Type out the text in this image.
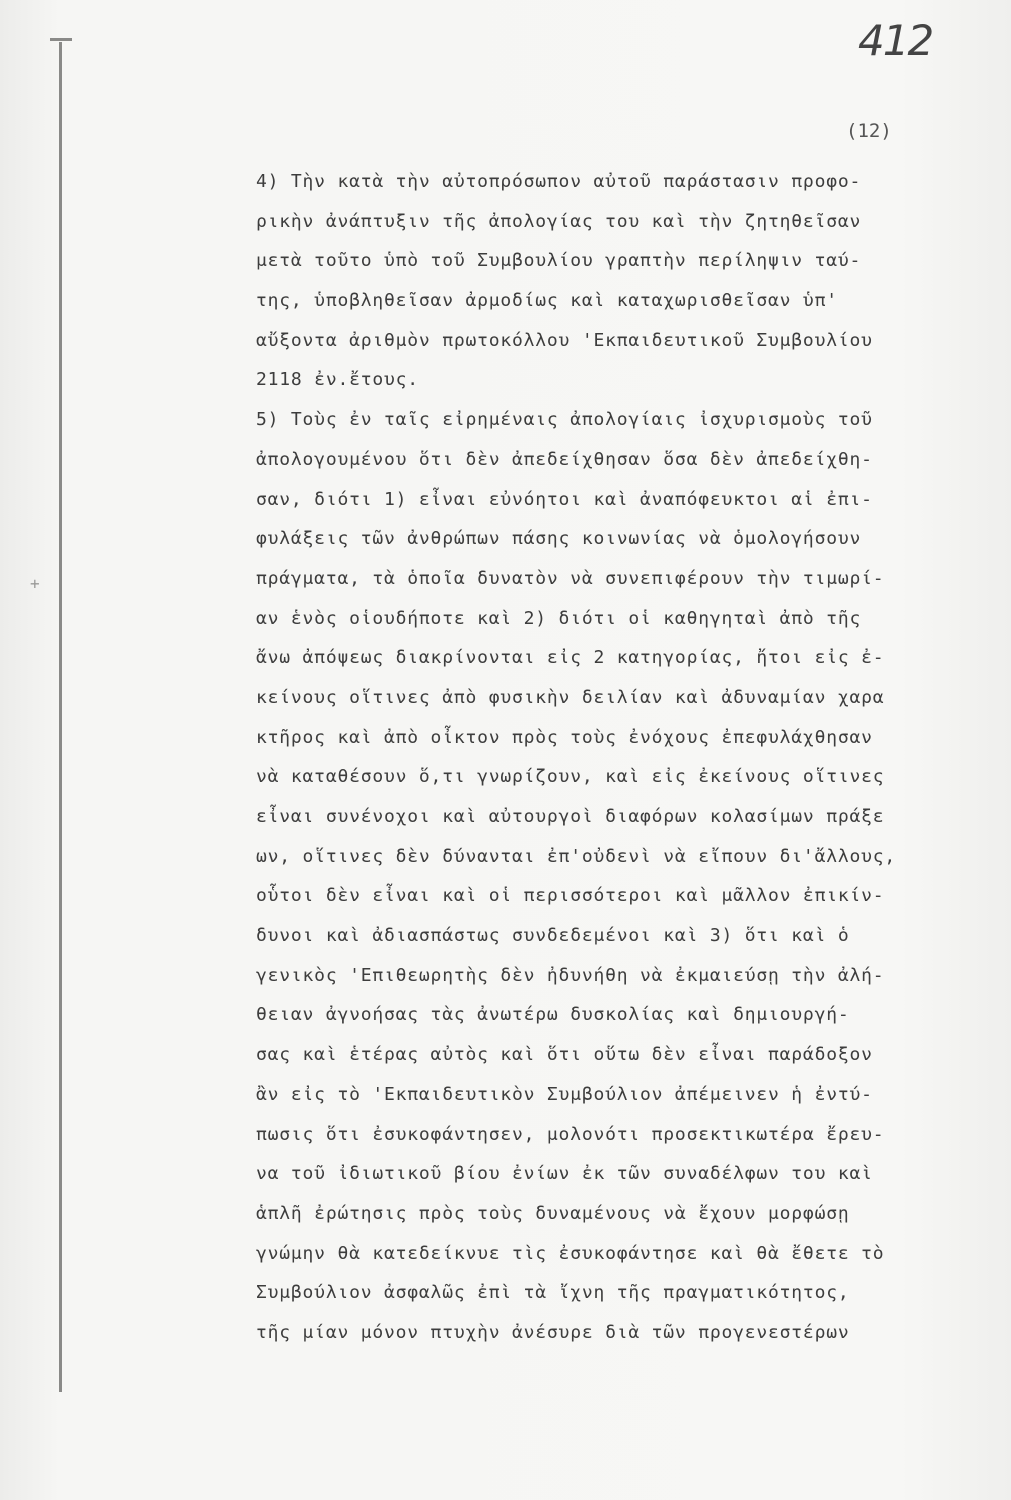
+
412
(12)
4) Τὴν κατὰ τὴν αὐτοπρόσωπον αὐτοῦ παράστασιν προφο-
ρικὴν ἀνάπτυξιν τῆς ἀπολογίας του καὶ τὴν ζητηθεῖσαν
μετὰ τοῦτο ὑπὸ τοῦ Συμβουλίου γραπτὴν περίληψιν ταύ-
της, ὑποβληθεῖσαν ἀρμοδίως καὶ καταχωρισθεῖσαν ὑπ'
αὔξοντα ἀριθμὸν πρωτοκόλλου 'Εκπαιδευτικοῦ Συμβουλίου
2118 ἐν.ἔτους.
5) Τοὺς ἐν ταῖς εἰρημέναις ἀπολογίαις ἰσχυρισμοὺς τοῦ
ἀπολογουμένου ὅτι δὲν ἀπεδείχθησαν ὅσα δὲν ἀπεδείχθη-
σαν, διότι 1) εἶναι εὐνόητοι καὶ ἀναπόφευκτοι αἱ ἐπι-
φυλάξεις τῶν ἀνθρώπων πάσης κοινωνίας νὰ ὁμολογήσουν
πράγματα, τὰ ὁποῖα δυνατὸν νὰ συνεπιφέρουν τὴν τιμωρί-
αν ἑνὸς οἱουδήποτε καὶ 2) διότι οἱ καθηγηταὶ ἀπὸ τῆς
ἄνω ἀπόψεως διακρίνονται εἰς 2 κατηγορίας, ἤτοι εἰς ἐ-
κείνους οἵτινες ἀπὸ φυσικὴν δειλίαν καὶ ἀδυναμίαν χαρα
κτῆρος καὶ ἀπὸ οἶκτον πρὸς τοὺς ἐνόχους ἐπεφυλάχθησαν
νὰ καταθέσουν ὅ,τι γνωρίζουν, καὶ εἰς ἐκείνους οἵτινες
εἶναι συνένοχοι καὶ αὐτουργοὶ διαφόρων κολασίμων πράξε
ων, οἵτινες δὲν δύνανται ἐπ'οὐδενὶ νὰ εἴπουν δι'ἄλλους,
οὗτοι δὲν εἶναι καὶ οἱ περισσότεροι καὶ μᾶλλον ἐπικίν-
δυνοι καὶ ἀδιασπάστως συνδεδεμένοι καὶ 3) ὅτι καὶ ὁ
γενικὸς 'Επιθεωρητὴς δὲν ἠδυνήθη νὰ ἐκμαιεύσῃ τὴν ἀλή-
θειαν ἀγνοήσας τὰς ἀνωτέρω δυσκολίας καὶ δημιουργή-
σας καὶ ἑτέρας αὐτὸς καὶ ὅτι οὕτω δὲν εἶναι παράδοξον
ἂν εἰς τὸ 'Εκπαιδευτικὸν Συμβούλιον ἀπέμεινεν ἡ ἐντύ-
πωσις ὅτι ἐσυκοφάντησεν, μολονότι προσεκτικωτέρα ἔρευ-
να τοῦ ἰδιωτικοῦ βίου ἐνίων ἐκ τῶν συναδέλφων του καὶ
ἁπλῆ ἐρώτησις πρὸς τοὺς δυναμένους νὰ ἔχουν μορφώσῃ
γνώμην θὰ κατεδείκνυε τὶς ἐσυκοφάντησε καὶ θὰ ἔθετε τὸ
Συμβούλιον ἀσφαλῶς ἐπὶ τὰ ἴχνη τῆς πραγματικότητος,
τῆς μίαν μόνον πτυχὴν ἀνέσυρε διὰ τῶν προγενεστέρων
